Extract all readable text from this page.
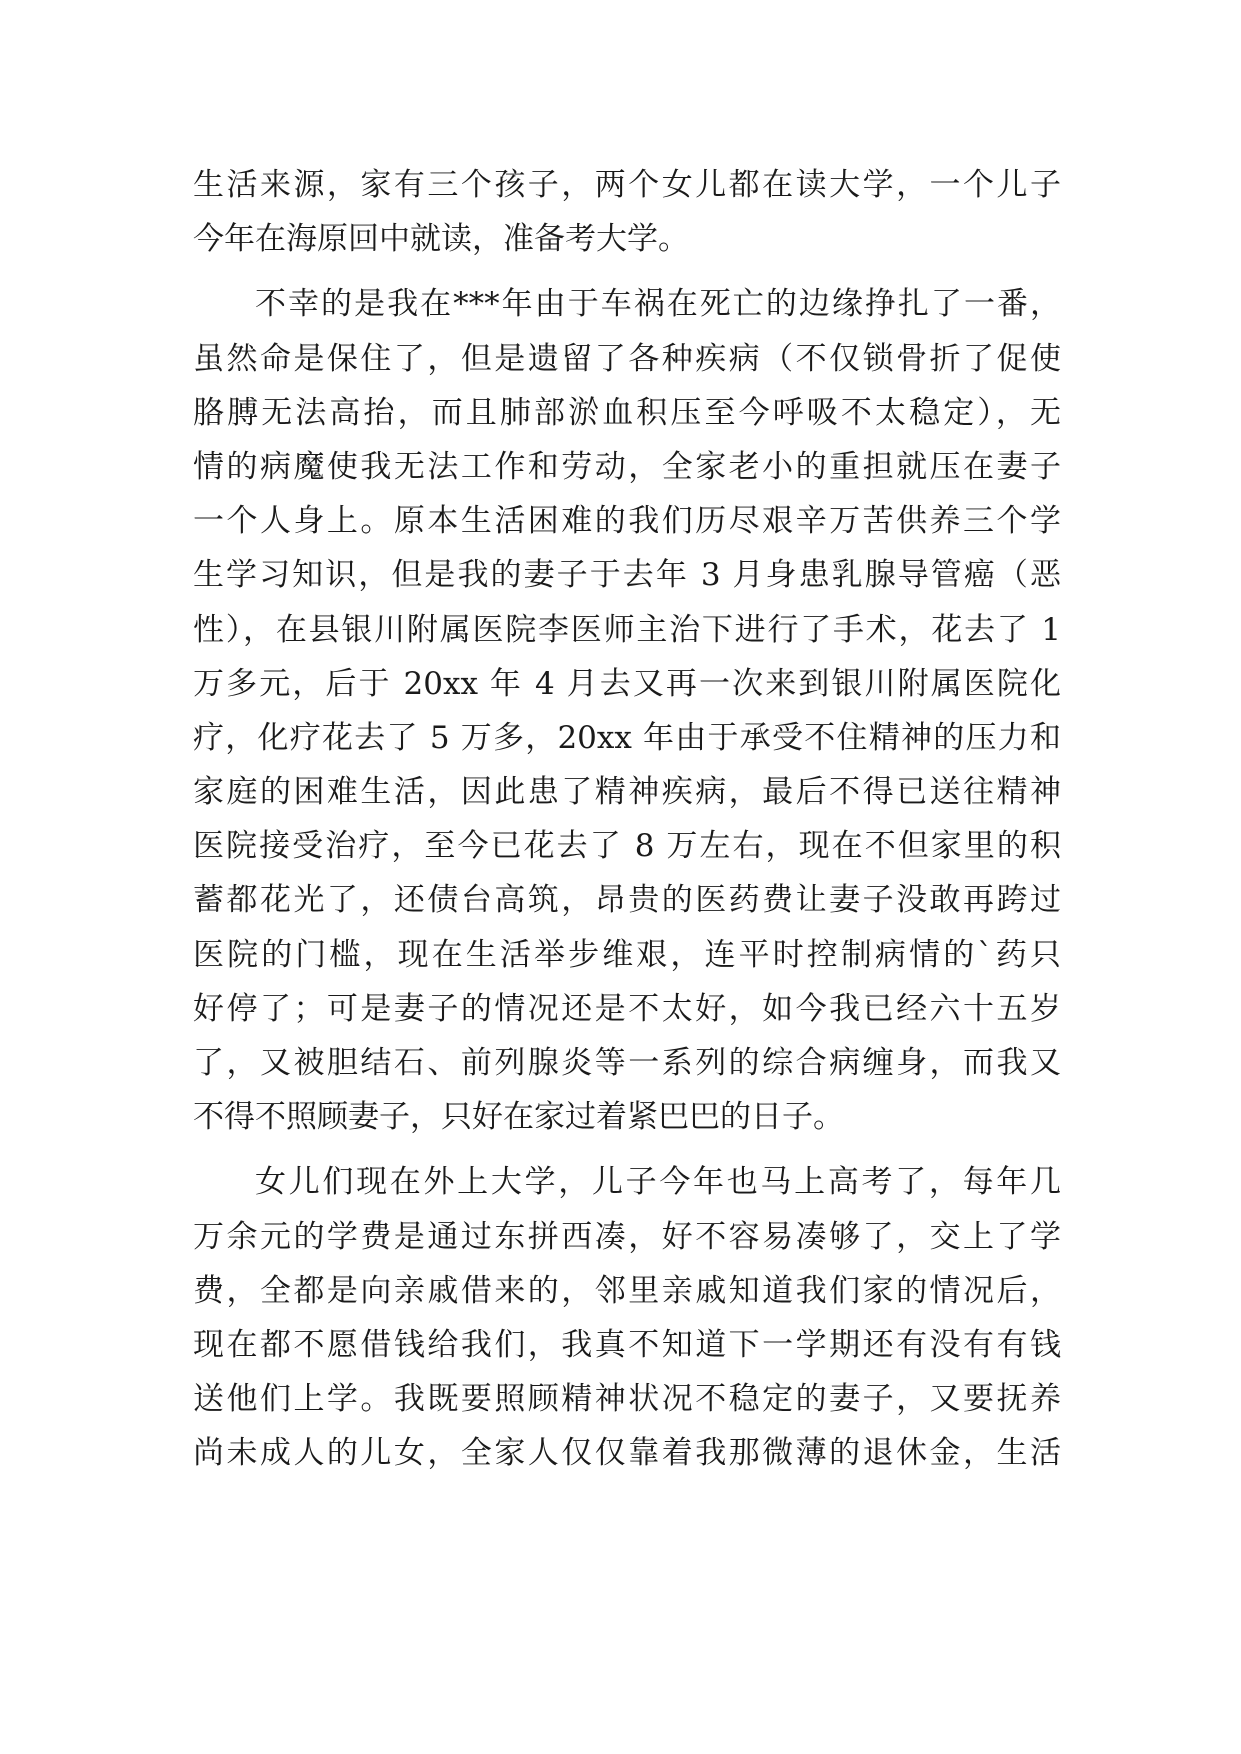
生活来源，家有三个孩子，两个女儿都在读大学，一个儿子
今年在海原回中就读，准备考大学。
不幸的是我在***年由于车祸在死亡的边缘挣扎了一番，
虽然命是保住了，但是遗留了各种疾病（不仅锁骨折了促使
胳膊无法高抬，而且肺部淤血积压至今呼吸不太稳定），无
情的病魔使我无法工作和劳动，全家老小的重担就压在妻子
一个人身上。原本生活困难的我们历尽艰辛万苦供养三个学
生学习知识，但是我的妻子于去年 3 月身患乳腺导管癌（恶
性），在县银川附属医院李医师主治下进行了手术，花去了 1
万多元，后于 20xx 年 4 月去又再一次来到银川附属医院化
疗，化疗花去了 5 万多，20xx 年由于承受不住精神的压力和
家庭的困难生活，因此患了精神疾病，最后不得已送往精神
医院接受治疗，至今已花去了 8 万左右，现在不但家里的积
蓄都花光了，还债台高筑，昂贵的医药费让妻子没敢再跨过
医院的门槛，现在生活举步维艰，连平时控制病情的`药只
好停了；可是妻子的情况还是不太好，如今我已经六十五岁
了，又被胆结石、前列腺炎等一系列的综合病缠身，而我又
不得不照顾妻子，只好在家过着紧巴巴的日子。
女儿们现在外上大学，儿子今年也马上高考了，每年几
万余元的学费是通过东拼西凑，好不容易凑够了，交上了学
费，全都是向亲戚借来的，邻里亲戚知道我们家的情况后，
现在都不愿借钱给我们，我真不知道下一学期还有没有有钱
送他们上学。我既要照顾精神状况不稳定的妻子，又要抚养
尚未成人的儿女，全家人仅仅靠着我那微薄的退休金，生活
